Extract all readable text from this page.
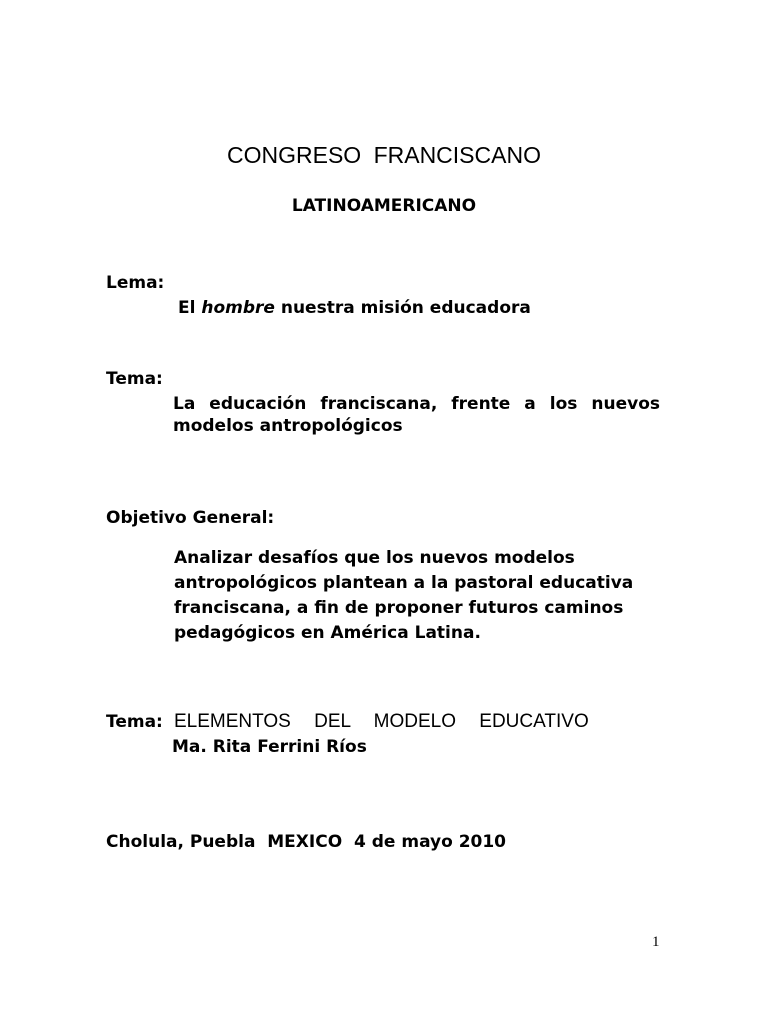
CONGRESO FRANCISCANO
LATINOAMERICANO
Lema:
El hombre nuestra misión educadora
Tema:
La educación franciscana, frente a los nuevos
modelos antropológicos
Objetivo General:
Analizar desafíos que los nuevos modelos
antropológicos plantean a la pastoral educativa
franciscana, a fin de proponer futuros caminos
pedagógicos en América Latina.
Tema: ELEMENTOS DEL MODELO EDUCATIVO
Ma. Rita Ferrini Ríos
Cholula, Puebla  MEXICO  4 de mayo 2010
1
